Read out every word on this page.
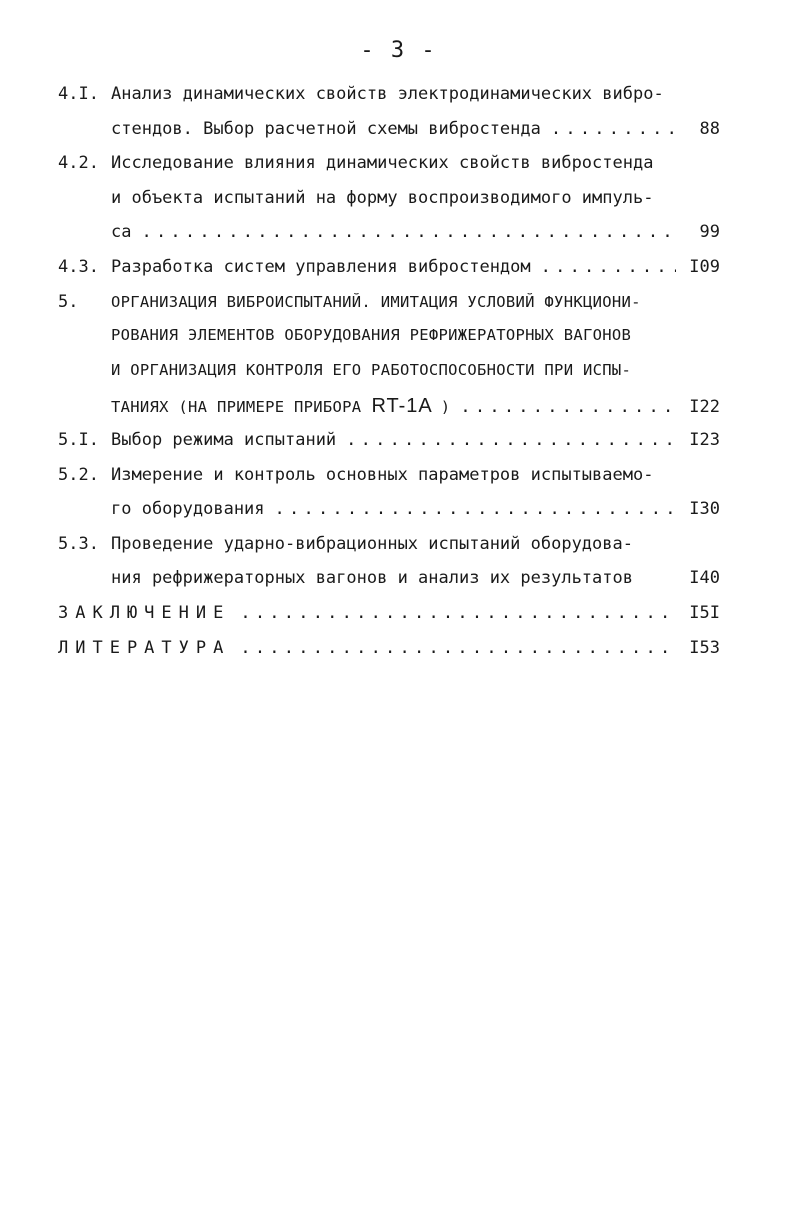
- 3 -
4.I. Анализ динамических свойств электродинамических вибро-
стендов. Выбор расчетной схемы вибростенда . . .	88
4.2. Исследование влияния динамических свойств вибростенда
и объекта испытаний на форму воспроизводимого импуль-
са . . .	99
4.3. Разработка систем управления вибростендом . . .	I09
5.	ОРГАНИЗАЦИЯ ВИБРОИСПЫТАНИЙ. ИМИТАЦИЯ УСЛОВИЙ ФУНКЦИОНИ-
РОВАНИЯ ЭЛЕМЕНТОВ ОБОРУДОВАНИЯ РЕФРИЖЕРАТОРНЫХ ВАГОНОВ
И ОРГАНИЗАЦИЯ КОНТРОЛЯ ЕГО РАБОТОСПОСОБНОСТИ ПРИ ИСПЫ-
ТАНИЯХ (НА ПРИМЕРЕ ПРИБОРА RT-1A ) . . .	I22
5.I. Выбор режима испытаний . . .	I23
5.2. Измерение и контроль основных параметров испытываемо-
го оборудования . . .	I30
5.3. Проведение ударно-вибрационных испытаний оборудова-
ния рефрижераторных вагонов и анализ их результатов	I40
ЗАКЛЮЧЕНИЕ . . .	I5I
ЛИТЕРАТУРА . . .	I53
